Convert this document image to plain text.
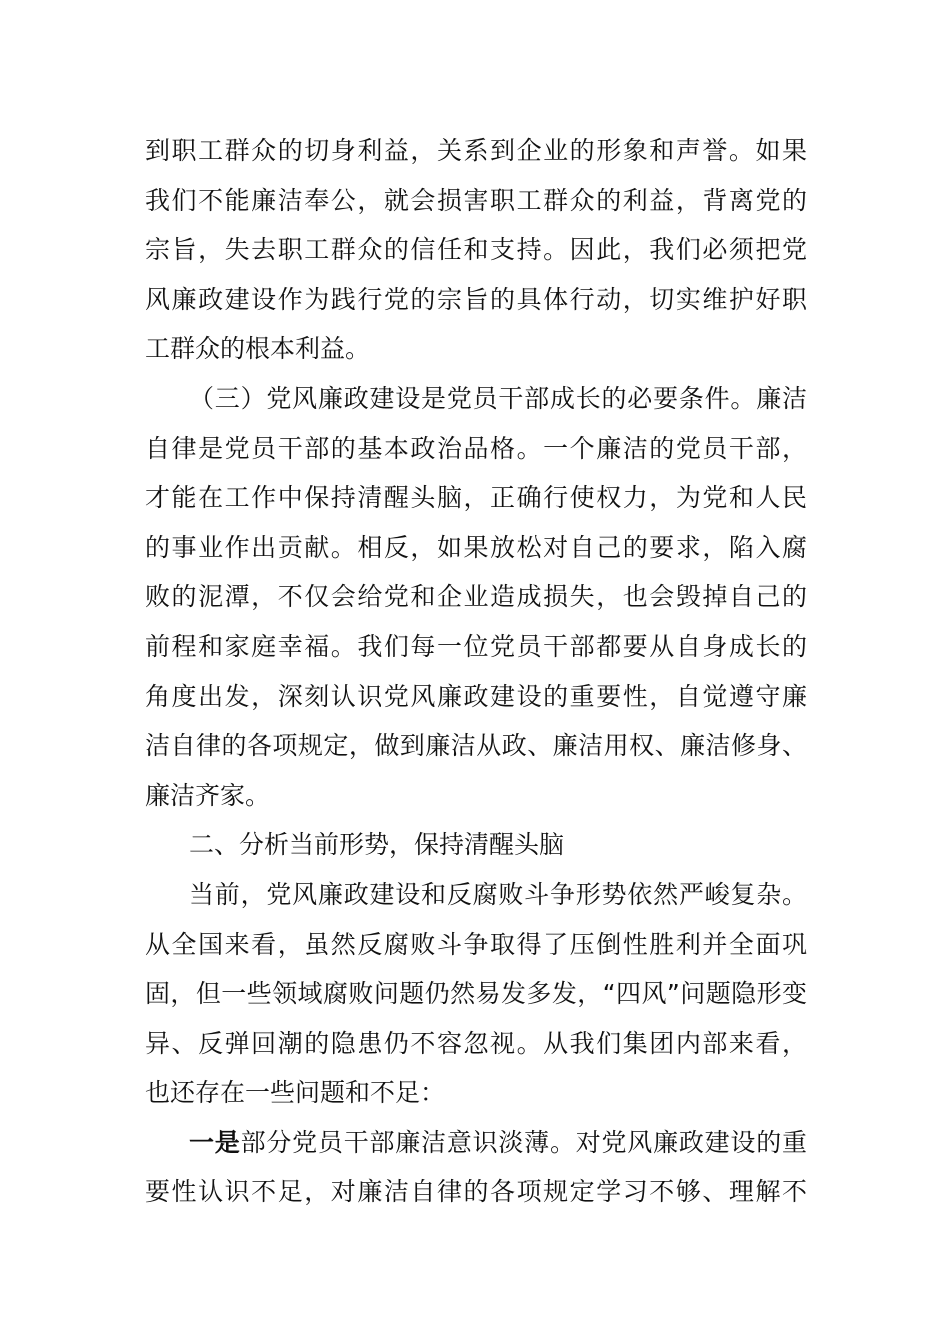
到职工群众的切身利益，关系到企业的形象和声誉。如果
我们不能廉洁奉公，就会损害职工群众的利益，背离党的
宗旨，失去职工群众的信任和支持。因此，我们必须把党
风廉政建设作为践行党的宗旨的具体行动，切实维护好职
工群众的根本利益。
（三）党风廉政建设是党员干部成长的必要条件。廉洁
自律是党员干部的基本政治品格。一个廉洁的党员干部，
才能在工作中保持清醒头脑，正确行使权力，为党和人民
的事业作出贡献。相反，如果放松对自己的要求，陷入腐
败的泥潭，不仅会给党和企业造成损失，也会毁掉自己的
前程和家庭幸福。我们每一位党员干部都要从自身成长的
角度出发，深刻认识党风廉政建设的重要性，自觉遵守廉
洁自律的各项规定，做到廉洁从政、廉洁用权、廉洁修身、
廉洁齐家。
二、分析当前形势，保持清醒头脑
当前，党风廉政建设和反腐败斗争形势依然严峻复杂。
从全国来看，虽然反腐败斗争取得了压倒性胜利并全面巩
固，但一些领域腐败问题仍然易发多发，“四风”问题隐形变
异、反弹回潮的隐患仍不容忽视。从我们集团内部来看，
也还存在一些问题和不足：
一是部分党员干部廉洁意识淡薄。对党风廉政建设的重
要性认识不足，对廉洁自律的各项规定学习不够、理解不
